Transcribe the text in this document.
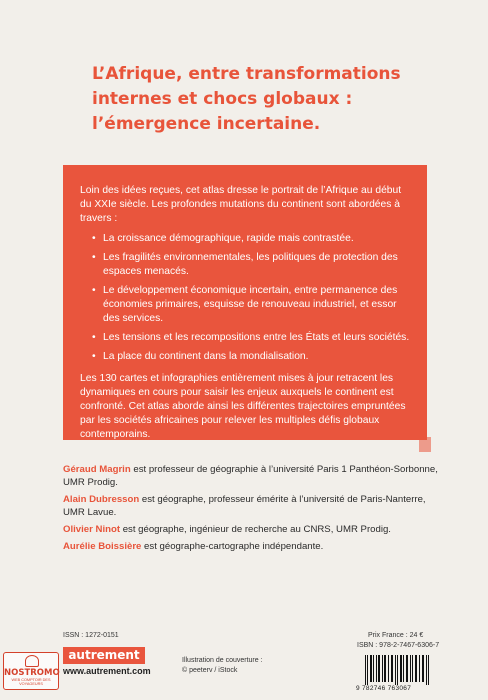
L’Afrique, entre transformations
internes et chocs globaux :
l’émergence incertaine.

Loin des idées reçues, cet atlas dresse le portrait de l’Afrique au début du XXIe siècle. Les profondes mutations du continent sont abordées à travers :

• La croissance démographique, rapide mais contrastée.
• Les fragilités environnementales, les politiques de protection des espaces menacés.
• Le développement économique incertain, entre permanence des économies primaires, esquisse de renouveau industriel, et essor des services.
• Les tensions et les recompositions entre les États et leurs sociétés.
• La place du continent dans la mondialisation.

Les 130 cartes et infographies entièrement mises à jour retracent les dynamiques en cours pour saisir les enjeux auxquels le continent est confronté. Cet atlas aborde ainsi les différentes trajectoires empruntées par les sociétés africaines pour relever les multiples défis globaux contemporains.

Géraud Magrin est professeur de géographie à l’université Paris 1 Panthéon-Sorbonne, UMR Prodig.
Alain Dubresson est géographe, professeur émérite à l’université de Paris-Nanterre, UMR Lavue.
Olivier Ninot est géographe, ingénieur de recherche au CNRS, UMR Prodig.
Aurélie Boissière est géographe-cartographe indépendante.
ISSN : 1272-0151
autrement
www.autrement.com
Illustration de couverture :
© peeterv / iStock
Prix France : 24 €
ISBN : 978-2-7467-6306-7
9 782746 763067
NOSTROMO
WEB COMPTOIR DES VOYAGEURS
